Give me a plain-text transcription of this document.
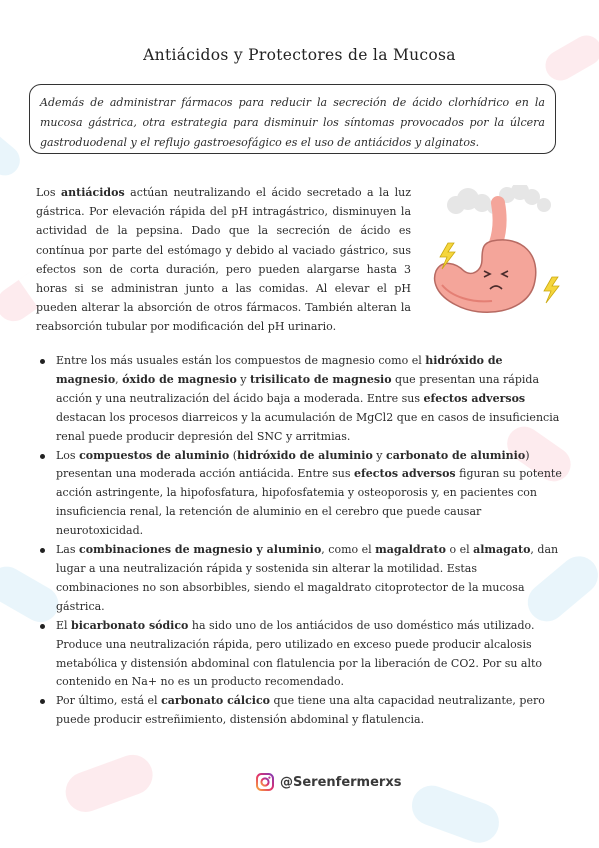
Antiácidos y Protectores de la Mucosa
Además de administrar fármacos para reducir la secreción de ácido clorhídrico en la mucosa gástrica, otra estrategia para disminuir los síntomas provocados por la úlcera gastroduodenal y el reflujo gastroesofágico es el uso de antiácidos y alginatos.

Los antiácidos actúan neutralizando el ácido secretado a la luz gástrica. Por elevación rápida del pH intragástrico, disminuyen la actividad de la pepsina. Dado que la secreción de ácido es contínua por parte del estómago y debido al vaciado gástrico, sus efectos son de corta duración, pero pueden alargarse hasta 3 horas si se administran junto a las comidas. Al elevar el pH pueden alterar la absorción de otros fármacos. También alteran la reabsorción tubular por modificación del pH urinario.

Entre los más usuales están los compuestos de magnesio como el hidróxido de magnesio, óxido de magnesio y trisilicato de magnesio que presentan una rápida acción y una neutralización del ácido baja a moderada. Entre sus efectos adversos destacan los procesos diarreicos y la acumulación de MgCl2 que en casos de insuficiencia renal puede producir depresión del SNC y arritmias.
Los compuestos de aluminio (hidróxido de aluminio y carbonato de aluminio) presentan una moderada acción antiácida. Entre sus efectos adversos figuran su potente acción astringente, la hipofosfatura, hipofosfatemia y osteoporosis y, en pacientes con insuficiencia renal, la retención de aluminio en el cerebro que puede causar neurotoxicidad.
Las combinaciones de magnesio y aluminio, como el magaldrato o el almagato, dan lugar a una neutralización rápida y sostenida sin alterar la motilidad. Estas combinaciones no son absorbibles, siendo el magaldrato citoprotector de la mucosa gástrica.
El bicarbonato sódico ha sido uno de los antiácidos de uso doméstico más utilizado. Produce una neutralización rápida, pero utilizado en exceso puede producir alcalosis metabólica y distensión abdominal con flatulencia por la liberación de CO2. Por su alto contenido en Na+ no es un producto recomendado.
Por último, está el carbonato cálcico que tiene una alta capacidad neutralizante, pero puede producir estreñimiento, distensión abdominal y flatulencia.
@Serenfermerxs
